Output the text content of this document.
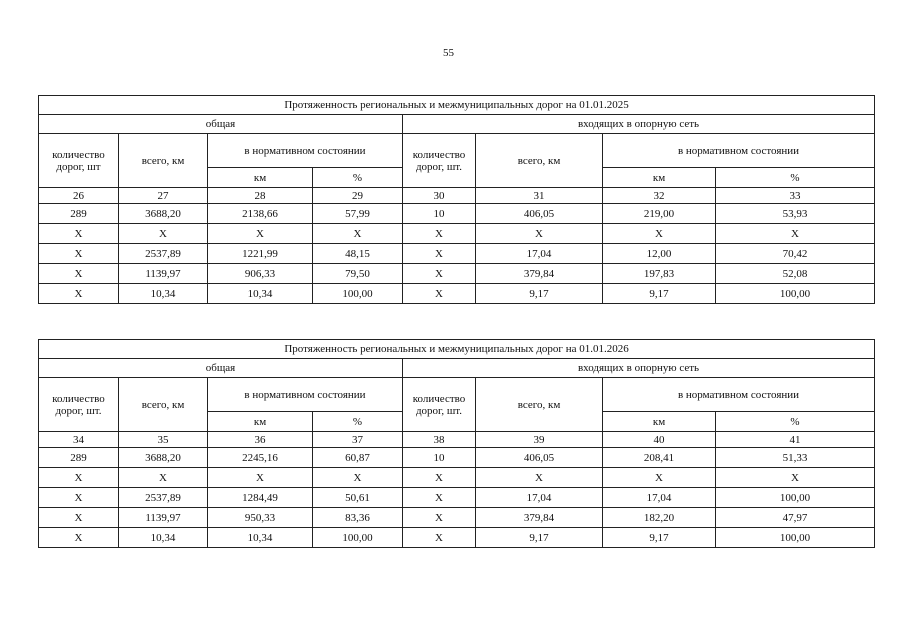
55
Протяженность региональных и межмуниципальных дорог на 01.01.2025							
общая				входящих в опорную сеть			
количество дорог, шт	всего, км	в нормативном состоянии		количество дорог, шт.	всего, км	в нормативном состоянии	
		км	%			км	%
26	27	28	29	30	31	32	33
289	3688,20	2138,66	57,99	10	406,05	219,00	53,93
Х	Х	Х	Х	Х	Х	Х	Х
Х	2537,89	1221,99	48,15	Х	17,04	12,00	70,42
Х	1139,97	906,33	79,50	Х	379,84	197,83	52,08
Х	10,34	10,34	100,00	Х	9,17	9,17	100,00
Протяженность региональных и межмуниципальных дорог на 01.01.2026							
общая				входящих в опорную сеть			
количество дорог, шт.	всего, км	в нормативном состоянии		количество дорог, шт.	всего, км	в нормативном состоянии	
		км	%			км	%
34	35	36	37	38	39	40	41
289	3688,20	2245,16	60,87	10	406,05	208,41	51,33
Х	Х	Х	Х	Х	Х	Х	Х
Х	2537,89	1284,49	50,61	Х	17,04	17,04	100,00
Х	1139,97	950,33	83,36	Х	379,84	182,20	47,97
Х	10,34	10,34	100,00	Х	9,17	9,17	100,00
